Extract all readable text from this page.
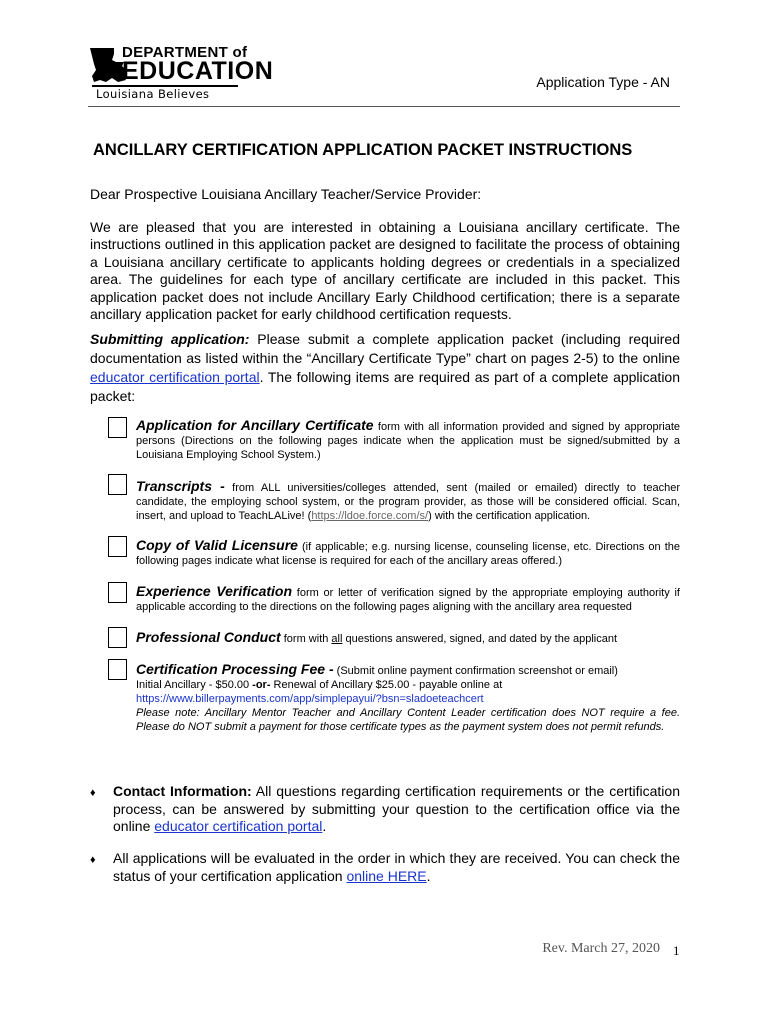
DEPARTMENT of
EDUCATION
Louisiana Believes
Application Type - AN
ANCILLARY CERTIFICATION APPLICATION PACKET INSTRUCTIONS
Dear Prospective Louisiana Ancillary Teacher/Service Provider:
We are pleased that you are interested in obtaining a Louisiana ancillary certificate. The instructions outlined in this application packet are designed to facilitate the process of obtaining a Louisiana ancillary certificate to applicants holding degrees or credentials in a specialized area. The guidelines for each type of ancillary certificate are included in this packet. This application packet does not include Ancillary Early Childhood certification; there is a separate ancillary application packet for early childhood certification requests.
Submitting application: Please submit a complete application packet (including required documentation as listed within the “Ancillary Certificate Type” chart on pages 2-5) to the online educator certification portal. The following items are required as part of a complete application packet:
Application for Ancillary Certificate form with all information provided and signed by appropriate persons (Directions on the following pages indicate when the application must be signed/submitted by a Louisiana Employing School System.)
Transcripts - from ALL universities/colleges attended, sent (mailed or emailed) directly to teacher candidate, the employing school system, or the program provider, as those will be considered official. Scan, insert, and upload to TeachLALive! (https://ldoe.force.com/s/) with the certification application.
Copy of Valid Licensure (if applicable; e.g. nursing license, counseling license, etc. Directions on the following pages indicate what license is required for each of the ancillary areas offered.)
Experience Verification form or letter of verification signed by the appropriate employing authority if applicable according to the directions on the following pages aligning with the ancillary area requested
Professional Conduct form with all questions answered, signed, and dated by the applicant
Certification Processing Fee - (Submit online payment confirmation screenshot or email)
Initial Ancillary - $50.00 -or- Renewal of Ancillary $25.00 - payable online at
https://www.billerpayments.com/app/simplepayui/?bsn=sladoeteachcert
Please note: Ancillary Mentor Teacher and Ancillary Content Leader certification does NOT require a fee. Please do NOT submit a payment for those certificate types as the payment system does not permit refunds.
♦ Contact Information: All questions regarding certification requirements or the certification process, can be answered by submitting your question to the certification office via the online educator certification portal.
♦ All applications will be evaluated in the order in which they are received. You can check the status of your certification application online HERE.
Rev. March 27, 2020 1
